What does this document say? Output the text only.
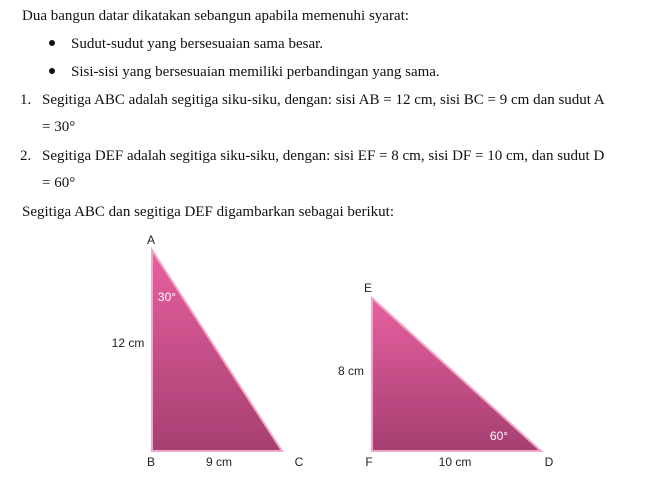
Dua bangun datar dikatakan sebangun apabila memenuhi syarat:
Sudut-sudut yang bersesuaian sama besar.
Sisi-sisi yang bersesuaian memiliki perbandingan yang sama.
1. Segitiga ABC adalah segitiga siku-siku, dengan: sisi AB = 12 cm, sisi BC = 9 cm dan sudut A
= 30°
2. Segitiga DEF adalah segitiga siku-siku, dengan: sisi EF = 8 cm, sisi DF = 10 cm, dan sudut D
= 60°
Segitiga ABC dan segitiga DEF digambarkan sebagai berikut:
A
B	C
12 cm
9 cm
30°
E
F	D
8 cm
10 cm
60°
